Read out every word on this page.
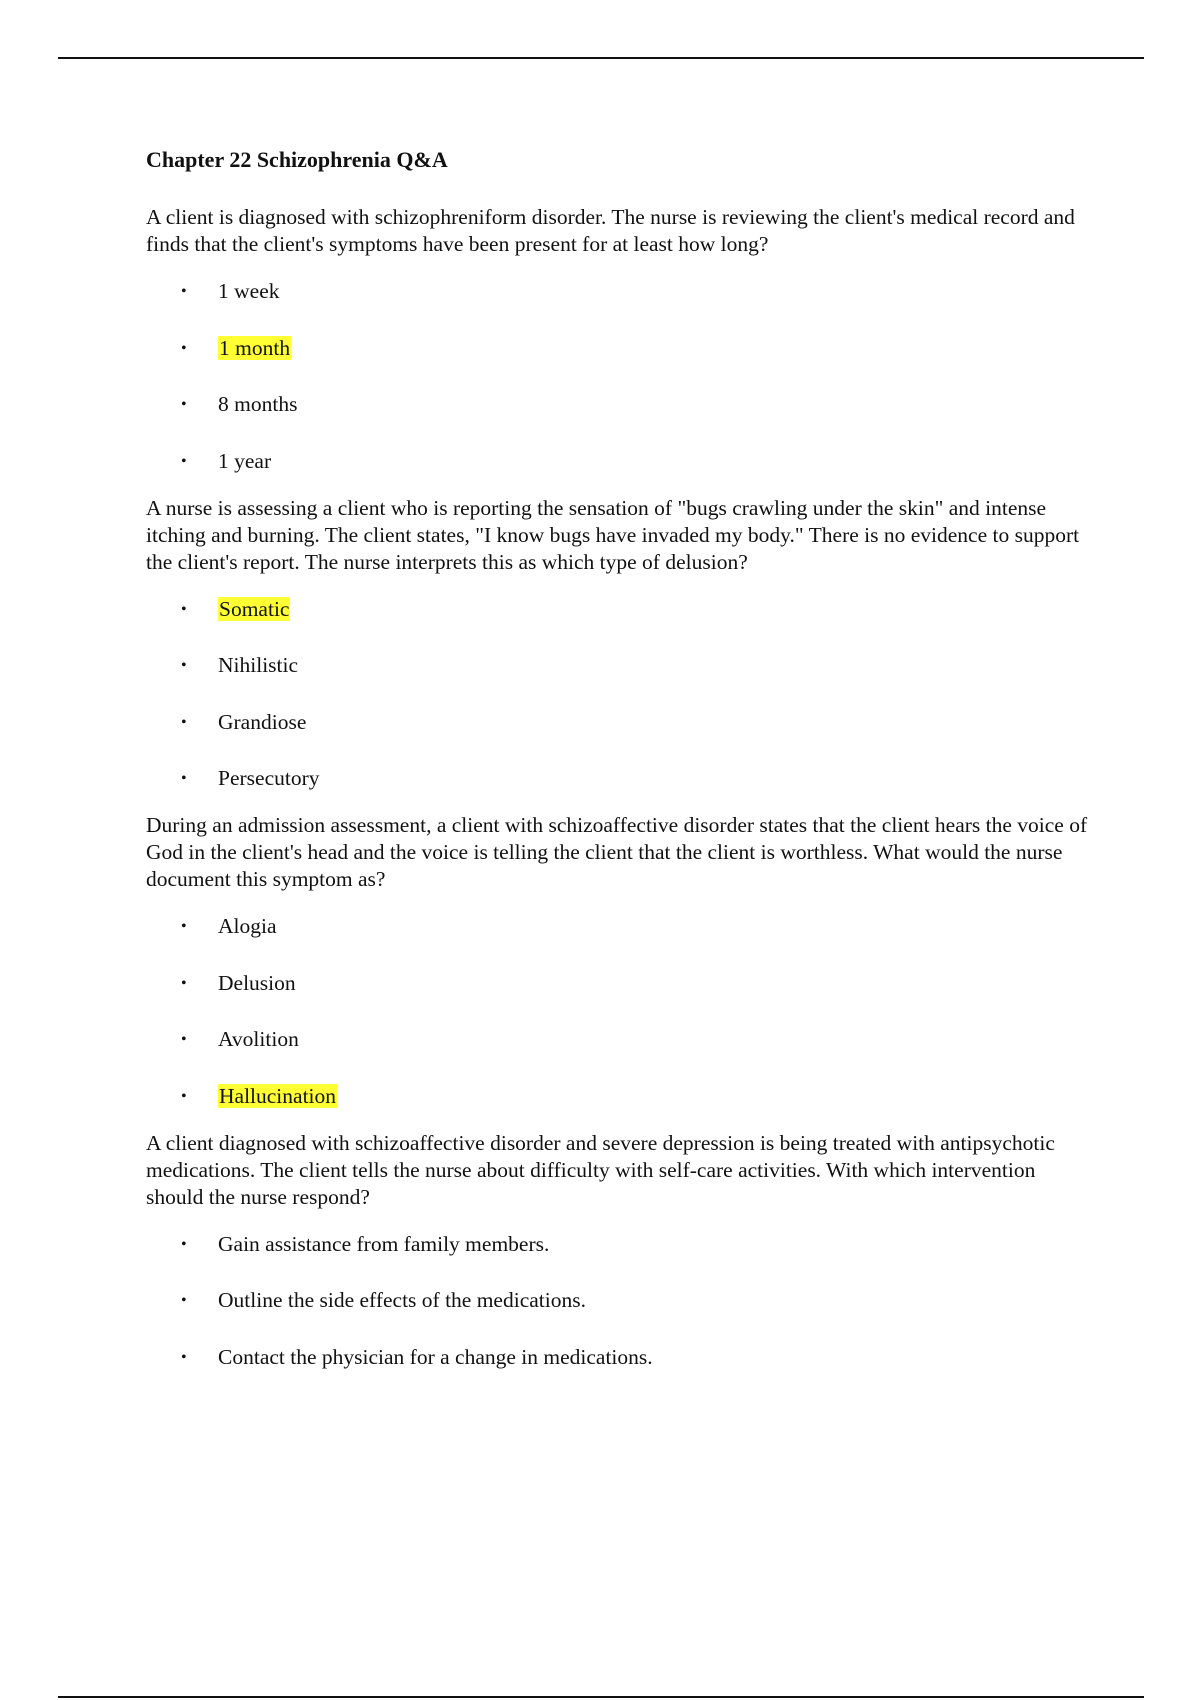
Chapter 22 Schizophrenia Q&A

A client is diagnosed with schizophreniform disorder. The nurse is reviewing the client's medical record and finds that the client's symptoms have been present for at least how long?

• 1 week
• 1 month
• 8 months
• 1 year

A nurse is assessing a client who is reporting the sensation of "bugs crawling under the skin" and intense itching and burning. The client states, "I know bugs have invaded my body." There is no evidence to support the client's report. The nurse interprets this as which type of delusion?

• Somatic
• Nihilistic
• Grandiose
• Persecutory

During an admission assessment, a client with schizoaffective disorder states that the client hears the voice of God in the client's head and the voice is telling the client that the client is worthless. What would the nurse document this symptom as?

• Alogia
• Delusion
• Avolition
• Hallucination

A client diagnosed with schizoaffective disorder and severe depression is being treated with antipsychotic medications. The client tells the nurse about difficulty with self-care activities. With which intervention should the nurse respond?

• Gain assistance from family members.
• Outline the side effects of the medications.
• Contact the physician for a change in medications.
